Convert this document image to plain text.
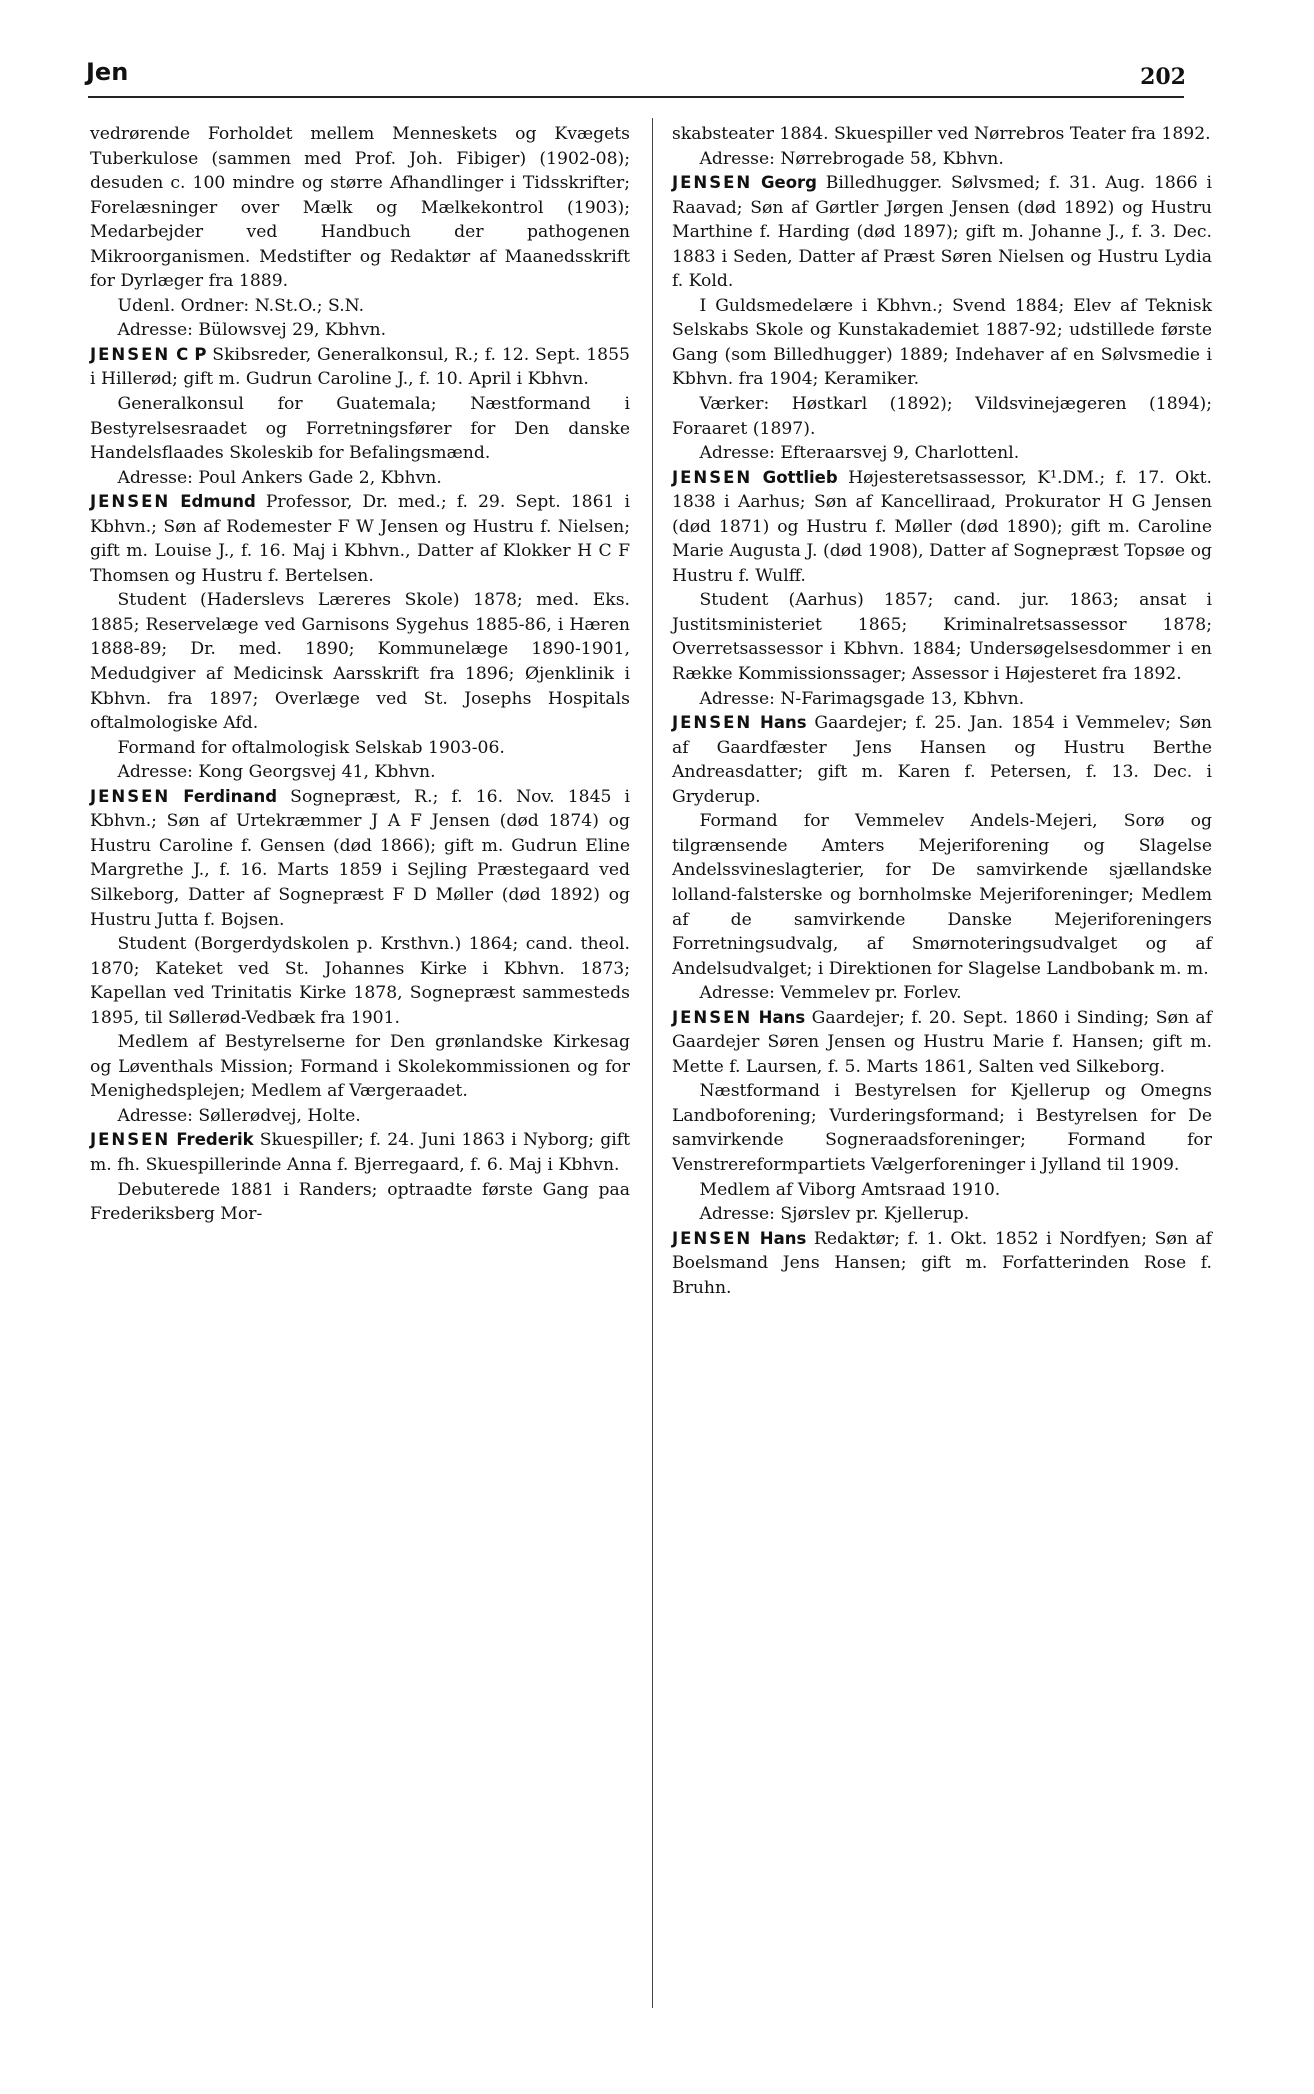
Jen	202

vedrørende Forholdet mellem Menneskets og Kvægets Tuberkulose (sammen med Prof. Joh. Fibiger) (1902-08); desuden c. 100 mindre og større Afhandlinger i Tidsskrifter; Forelæsninger over Mælk og Mælkekontrol (1903); Medarbejder ved Handbuch der pathogenen Mikroorganismen. Medstifter og Redaktør af Maanedsskrift for Dyrlæger fra 1889.

Udenl. Ordner: N.St.O.; S.N.

Adresse: Bülowsvej 29, Kbhvn.

JENSEN C P Skibsreder, Generalkonsul, R.; f. 12. Sept. 1855 i Hillerød; gift m. Gudrun Caroline J., f. 10. April i Kbhvn.

Generalkonsul for Guatemala; Næstformand i Bestyrelsesraadet og Forretningsfører for Den danske Handelsflaades Skoleskib for Befalingsmænd.

Adresse: Poul Ankers Gade 2, Kbhvn.

JENSEN Edmund Professor, Dr. med.; f. 29. Sept. 1861 i Kbhvn.; Søn af Rodemester F W Jensen og Hustru f. Nielsen; gift m. Louise J., f. 16. Maj i Kbhvn., Datter af Klokker H C F Thomsen og Hustru f. Bertelsen.

Student (Haderslevs Læreres Skole) 1878; med. Eks. 1885; Reservelæge ved Garnisons Sygehus 1885-86, i Hæren 1888-89; Dr. med. 1890; Kommunelæge 1890-1901, Medudgiver af Medicinsk Aarsskrift fra 1896; Øjenklinik i Kbhvn. fra 1897; Overlæge ved St. Josephs Hospitals oftalmologiske Afd.

Formand for oftalmologisk Selskab 1903-06.

Adresse: Kong Georgsvej 41, Kbhvn.

JENSEN Ferdinand Sognepræst, R.; f. 16. Nov. 1845 i Kbhvn.; Søn af Urtekræmmer J A F Jensen (død 1874) og Hustru Caroline f. Gensen (død 1866); gift m. Gudrun Eline Margrethe J., f. 16. Marts 1859 i Sejling Præstegaard ved Silkeborg, Datter af Sognepræst F D Møller (død 1892) og Hustru Jutta f. Bojsen.

Student (Borgerdydskolen p. Krsthvn.) 1864; cand. theol. 1870; Kateket ved St. Johannes Kirke i Kbhvn. 1873; Kapellan ved Trinitatis Kirke 1878, Sognepræst sammesteds 1895, til Søllerød-Vedbæk fra 1901.

Medlem af Bestyrelserne for Den grønlandske Kirkesag og Løventhals Mission; Formand i Skolekommissionen og for Menighedsplejen; Medlem af Værgeraadet.

Adresse: Søllerødvej, Holte.

JENSEN Frederik Skuespiller; f. 24. Juni 1863 i Nyborg; gift m. fh. Skuespillerinde Anna f. Bjerregaard, f. 6. Maj i Kbhvn.

Debuterede 1881 i Randers; optraadte første Gang paa Frederiksberg Mor-

skabsteater 1884. Skuespiller ved Nørrebros Teater fra 1892.

Adresse: Nørrebrogade 58, Kbhvn.

JENSEN Georg Billedhugger. Sølvsmed; f. 31. Aug. 1866 i Raavad; Søn af Gørtler Jørgen Jensen (død 1892) og Hustru Marthine f. Harding (død 1897); gift m. Johanne J., f. 3. Dec. 1883 i Seden, Datter af Præst Søren Nielsen og Hustru Lydia f. Kold.

I Guldsmedelære i Kbhvn.; Svend 1884; Elev af Teknisk Selskabs Skole og Kunstakademiet 1887-92; udstillede første Gang (som Billedhugger) 1889; Indehaver af en Sølvsmedie i Kbhvn. fra 1904; Keramiker.

Værker: Høstkarl (1892); Vildsvinejægeren (1894); Foraaret (1897).

Adresse: Efteraarsvej 9, Charlottenl.

JENSEN Gottlieb Højesteretsassessor, K¹.DM.; f. 17. Okt. 1838 i Aarhus; Søn af Kancelliraad, Prokurator H G Jensen (død 1871) og Hustru f. Møller (død 1890); gift m. Caroline Marie Augusta J. (død 1908), Datter af Sognepræst Topsøe og Hustru f. Wulff.

Student (Aarhus) 1857; cand. jur. 1863; ansat i Justitsministeriet 1865; Kriminalretsassessor 1878; Overretsassessor i Kbhvn. 1884; Undersøgelsesdommer i en Række Kommissionssager; Assessor i Højesteret fra 1892.

Adresse: N-Farimagsgade 13, Kbhvn.

JENSEN Hans Gaardejer; f. 25. Jan. 1854 i Vemmelev; Søn af Gaardfæster Jens Hansen og Hustru Berthe Andreasdatter; gift m. Karen f. Petersen, f. 13. Dec. i Gryderup.

Formand for Vemmelev Andels-Mejeri, Sorø og tilgrænsende Amters Mejeriforening og Slagelse Andelssvineslagterier, for De samvirkende sjællandske lolland-falsterske og bornholmske Mejeriforeninger; Medlem af de samvirkende Danske Mejeriforeningers Forretningsudvalg, af Smørnoteringsudvalget og af Andelsudvalget; i Direktionen for Slagelse Landbobank m. m.

Adresse: Vemmelev pr. Forlev.

JENSEN Hans Gaardejer; f. 20. Sept. 1860 i Sinding; Søn af Gaardejer Søren Jensen og Hustru Marie f. Hansen; gift m. Mette f. Laursen, f. 5. Marts 1861, Salten ved Silkeborg.

Næstformand i Bestyrelsen for Kjellerup og Omegns Landboforening; Vurderingsformand; i Bestyrelsen for De samvirkende Sogneraadsforeninger; Formand for Venstrereformpartiets Vælgerforeninger i Jylland til 1909.

Medlem af Viborg Amtsraad 1910.

Adresse: Sjørslev pr. Kjellerup.

JENSEN Hans Redaktør; f. 1. Okt. 1852 i Nordfyen; Søn af Boelsmand Jens Hansen; gift m. Forfatterinden Rose f. Bruhn.
